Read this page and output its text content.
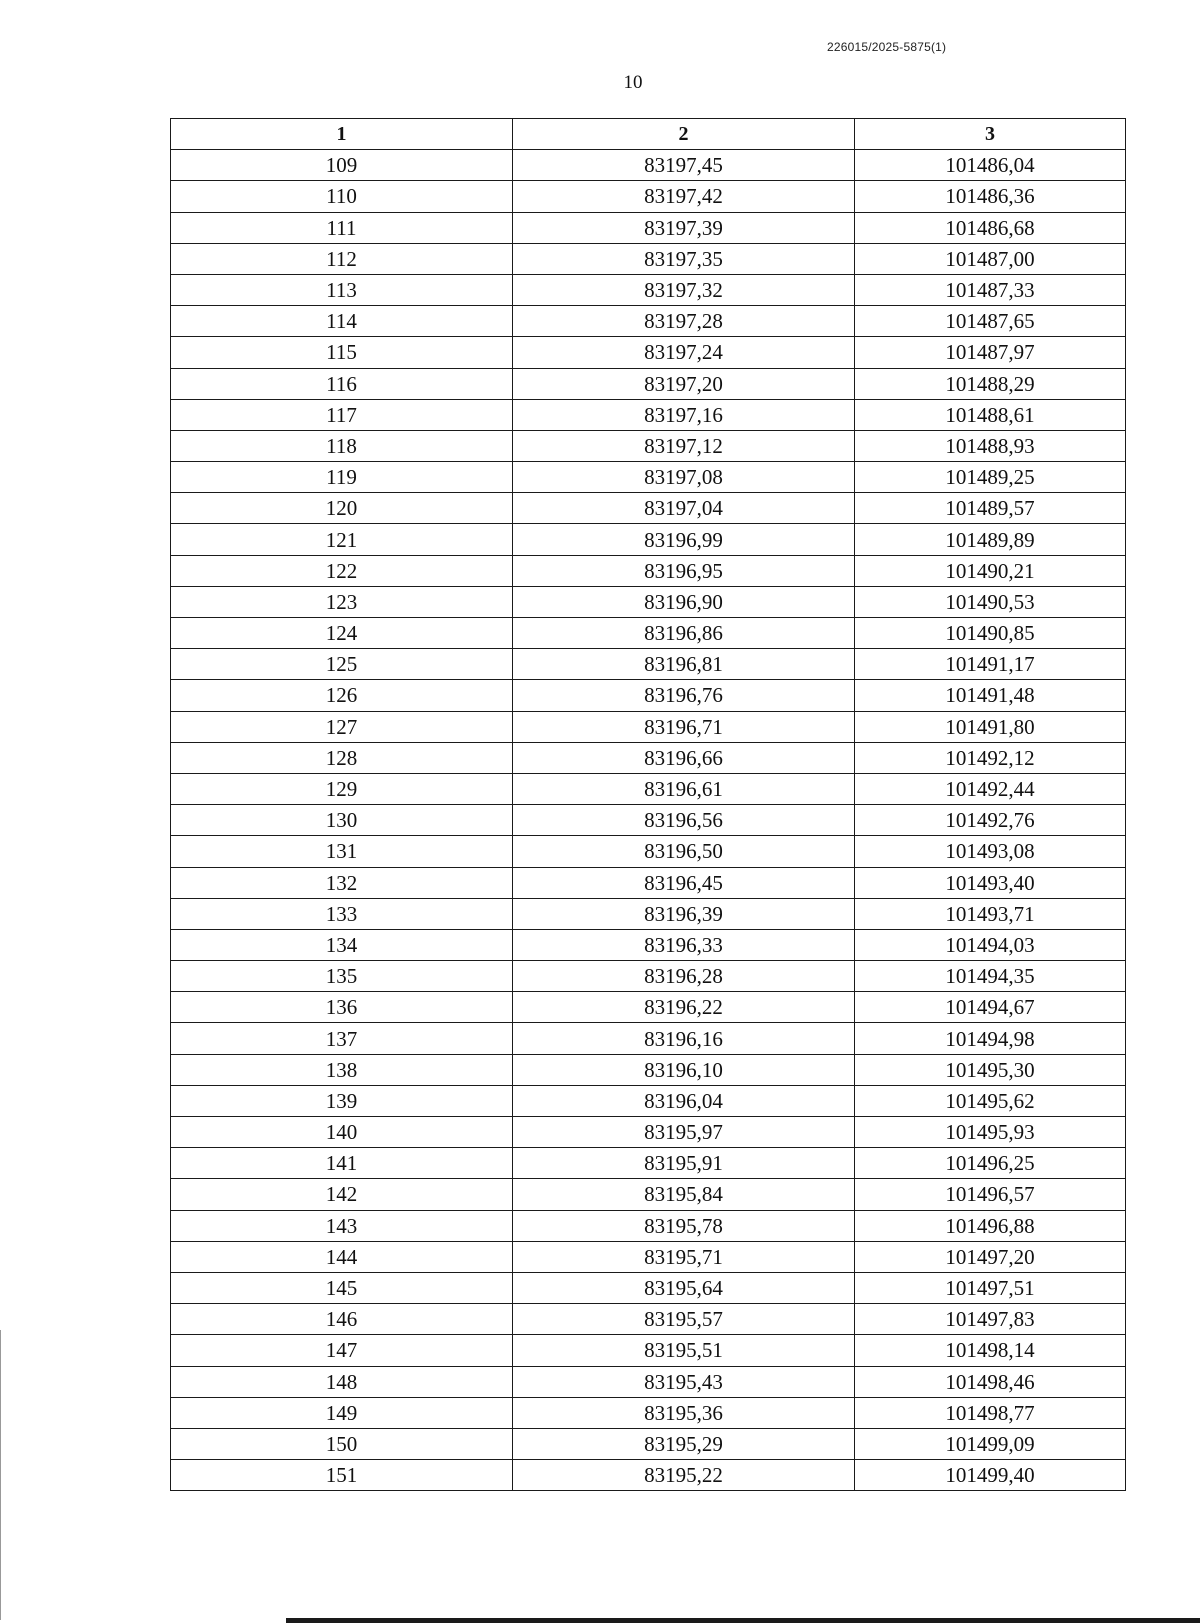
226015/2025-5875(1)
10
1	2	3
109	83197,45	101486,04
110	83197,42	101486,36
111	83197,39	101486,68
112	83197,35	101487,00
113	83197,32	101487,33
114	83197,28	101487,65
115	83197,24	101487,97
116	83197,20	101488,29
117	83197,16	101488,61
118	83197,12	101488,93
119	83197,08	101489,25
120	83197,04	101489,57
121	83196,99	101489,89
122	83196,95	101490,21
123	83196,90	101490,53
124	83196,86	101490,85
125	83196,81	101491,17
126	83196,76	101491,48
127	83196,71	101491,80
128	83196,66	101492,12
129	83196,61	101492,44
130	83196,56	101492,76
131	83196,50	101493,08
132	83196,45	101493,40
133	83196,39	101493,71
134	83196,33	101494,03
135	83196,28	101494,35
136	83196,22	101494,67
137	83196,16	101494,98
138	83196,10	101495,30
139	83196,04	101495,62
140	83195,97	101495,93
141	83195,91	101496,25
142	83195,84	101496,57
143	83195,78	101496,88
144	83195,71	101497,20
145	83195,64	101497,51
146	83195,57	101497,83
147	83195,51	101498,14
148	83195,43	101498,46
149	83195,36	101498,77
150	83195,29	101499,09
151	83195,22	101499,40
